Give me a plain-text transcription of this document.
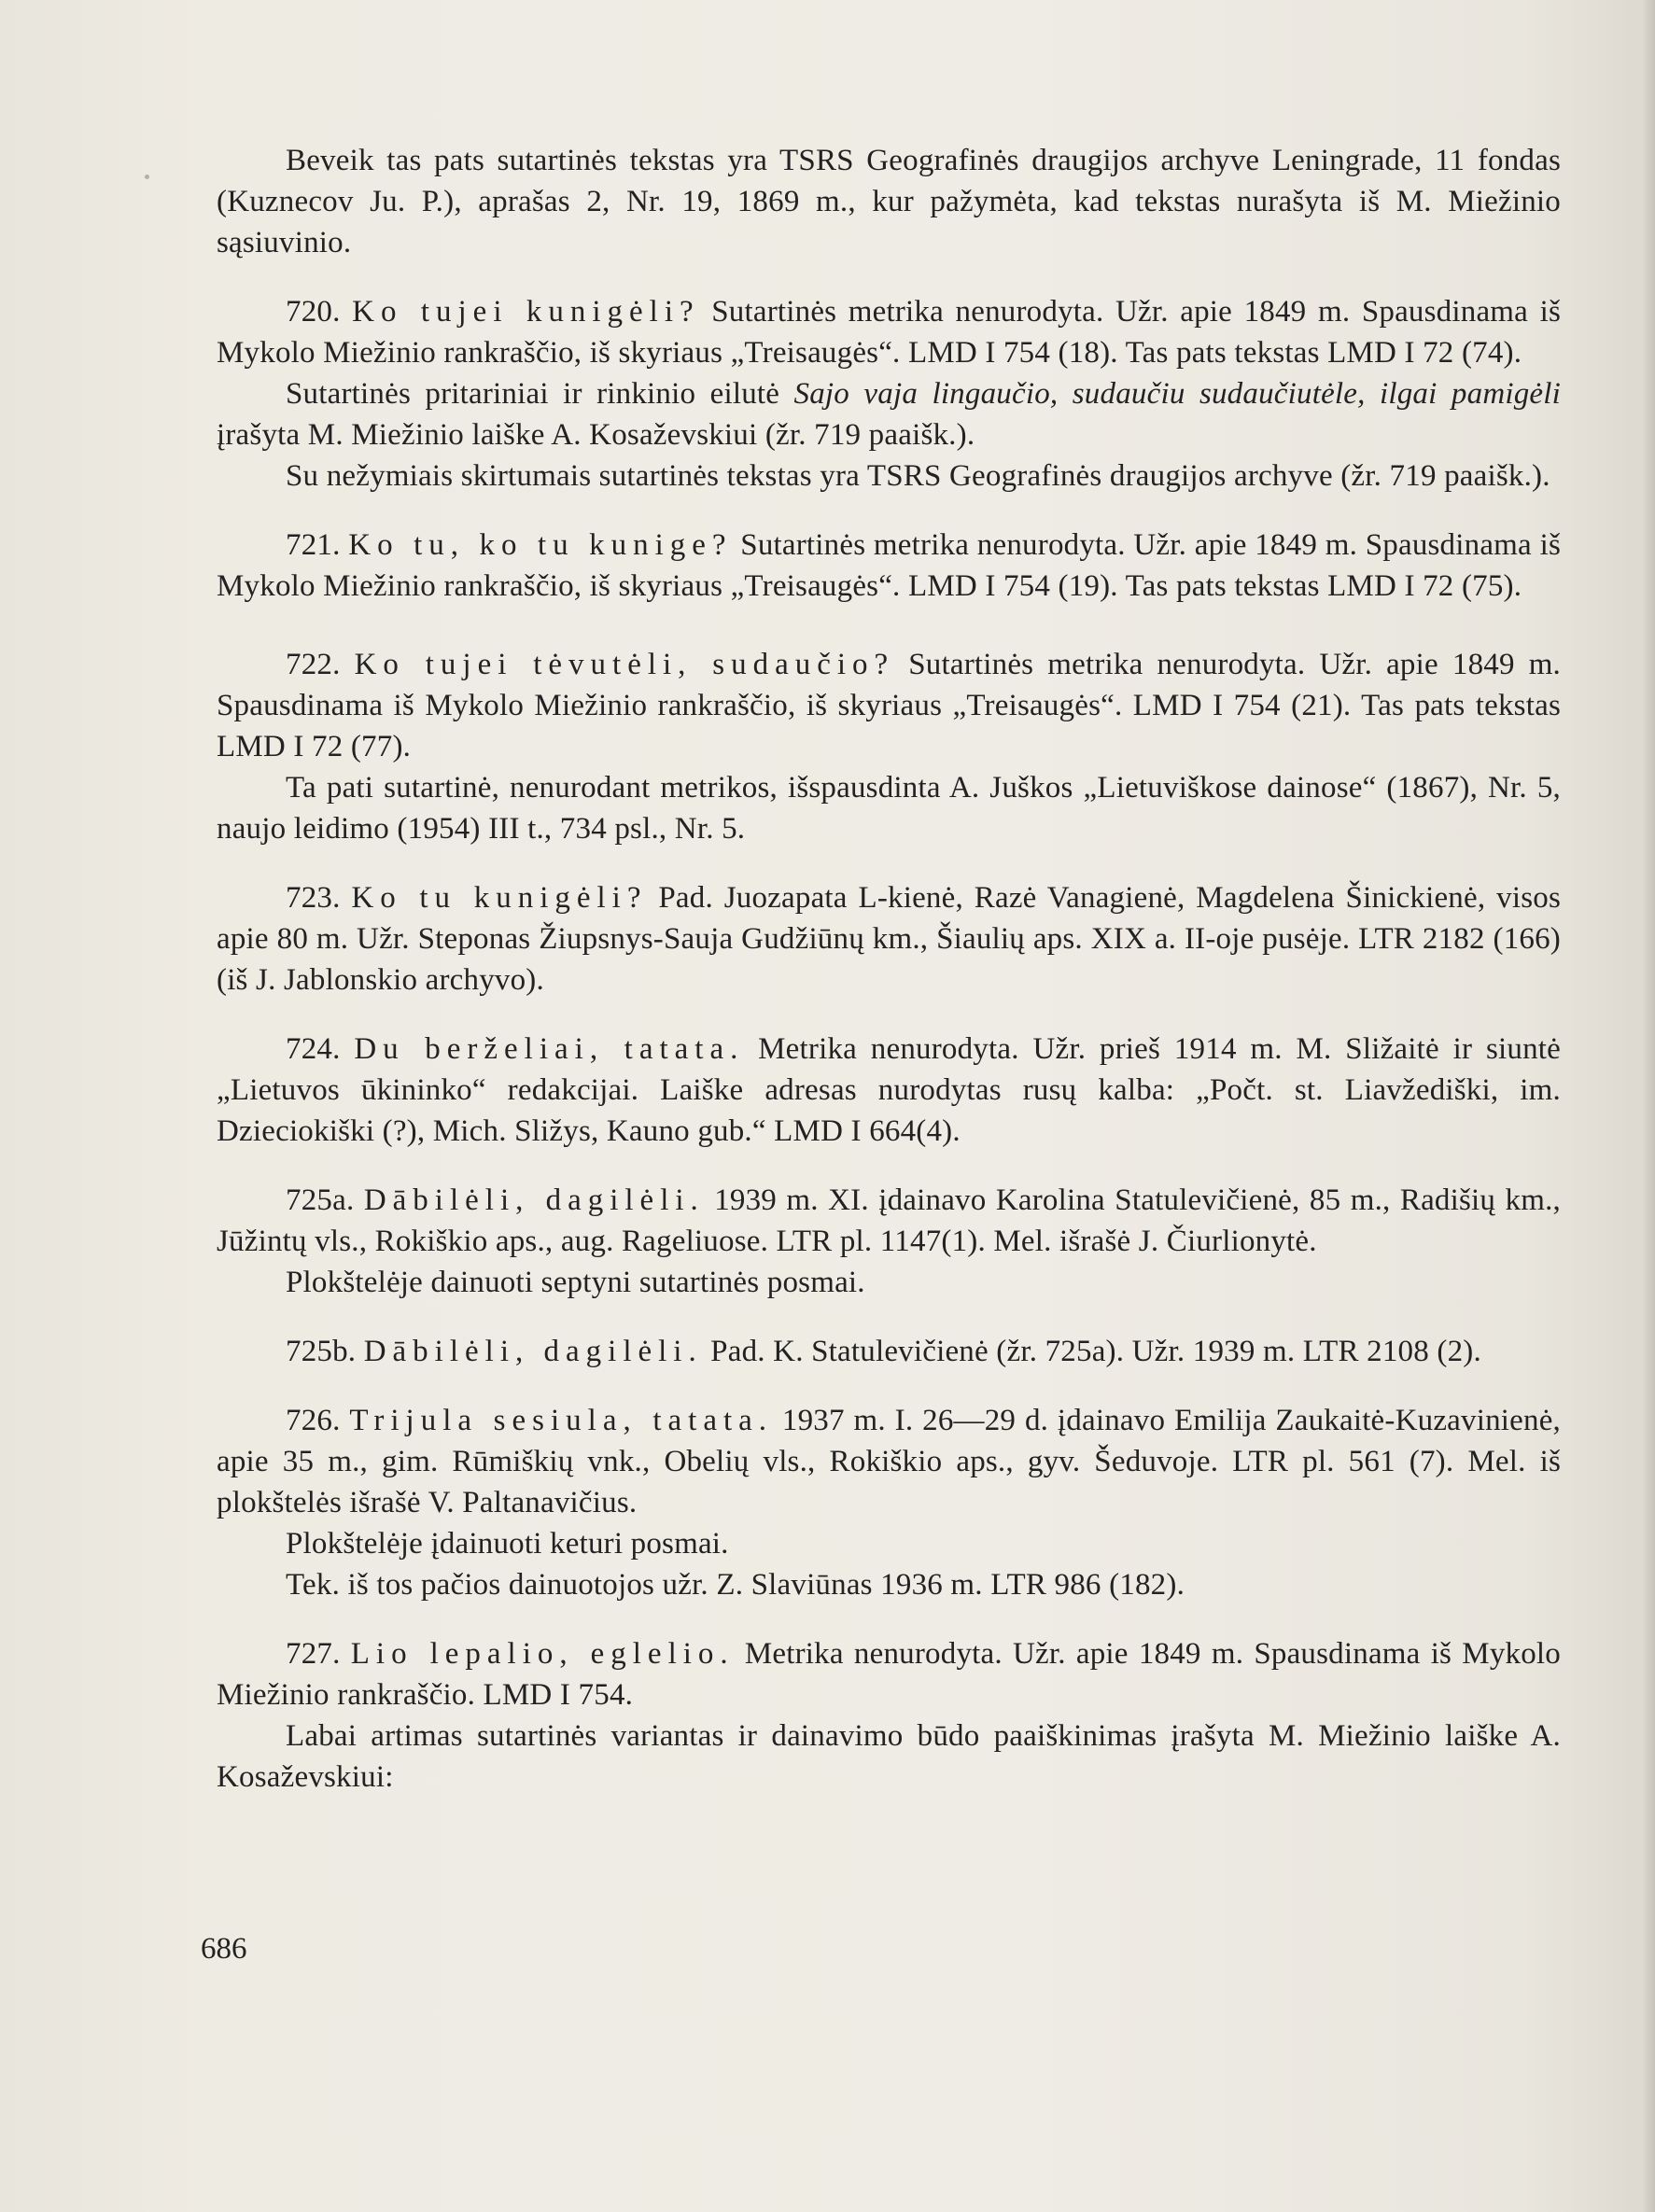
Beveik tas pats sutartinės tekstas yra TSRS Geografinės draugijos archyve Leningrade, 11 fondas (Kuznecov Ju. P.), aprašas 2, Nr. 19, 1869 m., kur pažymėta, kad tekstas nurašyta iš M. Miežinio sąsiuvinio.

720. Ko tujei kunigėli? Sutartinės metrika nenurodyta. Užr. apie 1849 m. Spausdinama iš Mykolo Miežinio rankraščio, iš skyriaus „Treisaugės“. LMD I 754 (18). Tas pats tekstas LMD I 72 (74).

Sutartinės pritariniai ir rinkinio eilutė Sajo vaja lingaučio, sudaučiu sudaučiutėle, ilgai pamigėli įrašyta M. Miežinio laiške A. Kosaževskiui (žr. 719 paaišk.).

Su nežymiais skirtumais sutartinės tekstas yra TSRS Geografinės draugijos archyve (žr. 719 paaišk.).

721. Ko tu, ko tu kunige? Sutartinės metrika nenurodyta. Užr. apie 1849 m. Spausdinama iš Mykolo Miežinio rankraščio, iš skyriaus „Treisaugės“. LMD I 754 (19). Tas pats tekstas LMD I 72 (75).

722. Ko tujei tėvutėli, sudaučio? Sutartinės metrika nenurodyta. Užr. apie 1849 m. Spausdinama iš Mykolo Miežinio rankraščio, iš skyriaus „Treisaugės“. LMD I 754 (21). Tas pats tekstas LMD I 72 (77).

Ta pati sutartinė, nenurodant metrikos, išspausdinta A. Juškos „Lietuviškose dainose“ (1867), Nr. 5, naujo leidimo (1954) III t., 734 psl., Nr. 5.

723. Ko tu kunigėli? Pad. Juozapata L-kienė, Razė Vanagienė, Magdelena Šinickienė, visos apie 80 m. Užr. Steponas Žiupsnys-Sauja Gudžiūnų km., Šiaulių aps. XIX a. II-oje pusėje. LTR 2182 (166) (iš J. Jablonskio archyvo).

724. Du berželiai, tatata. Metrika nenurodyta. Užr. prieš 1914 m. M. Sližaitė ir siuntė „Lietuvos ūkininko“ redakcijai. Laiške adresas nurodytas rusų kalba: „Počt. st. Liavžediški, im. Dzieciokiški (?), Mich. Sližys, Kauno gub.“ LMD I 664(4).

725a. Dābilėli, dagilėli. 1939 m. XI. įdainavo Karolina Statulevičienė, 85 m., Radišių km., Jūžintų vls., Rokiškio aps., aug. Rageliuose. LTR pl. 1147(1). Mel. išrašė J. Čiurlionytė.

Plokštelėje dainuoti septyni sutartinės posmai.

725b. Dābilėli, dagilėli. Pad. K. Statulevičienė (žr. 725a). Užr. 1939 m. LTR 2108 (2).

726. Trijula sesiula, tatata. 1937 m. I. 26—29 d. įdainavo Emilija Zaukaitė-Kuzavinienė, apie 35 m., gim. Rūmiškių vnk., Obelių vls., Rokiškio aps., gyv. Šeduvoje. LTR pl. 561 (7). Mel. iš plokštelės išrašė V. Paltanavičius.

Plokštelėje įdainuoti keturi posmai.

Tek. iš tos pačios dainuotojos užr. Z. Slaviūnas 1936 m. LTR 986 (182).

727. Lio lepalio, eglelio. Metrika nenurodyta. Užr. apie 1849 m. Spausdinama iš Mykolo Miežinio rankraščio. LMD I 754.

Labai artimas sutartinės variantas ir dainavimo būdo paaiškinimas įrašyta M. Miežinio laiške A. Kosaževskiui:

686
